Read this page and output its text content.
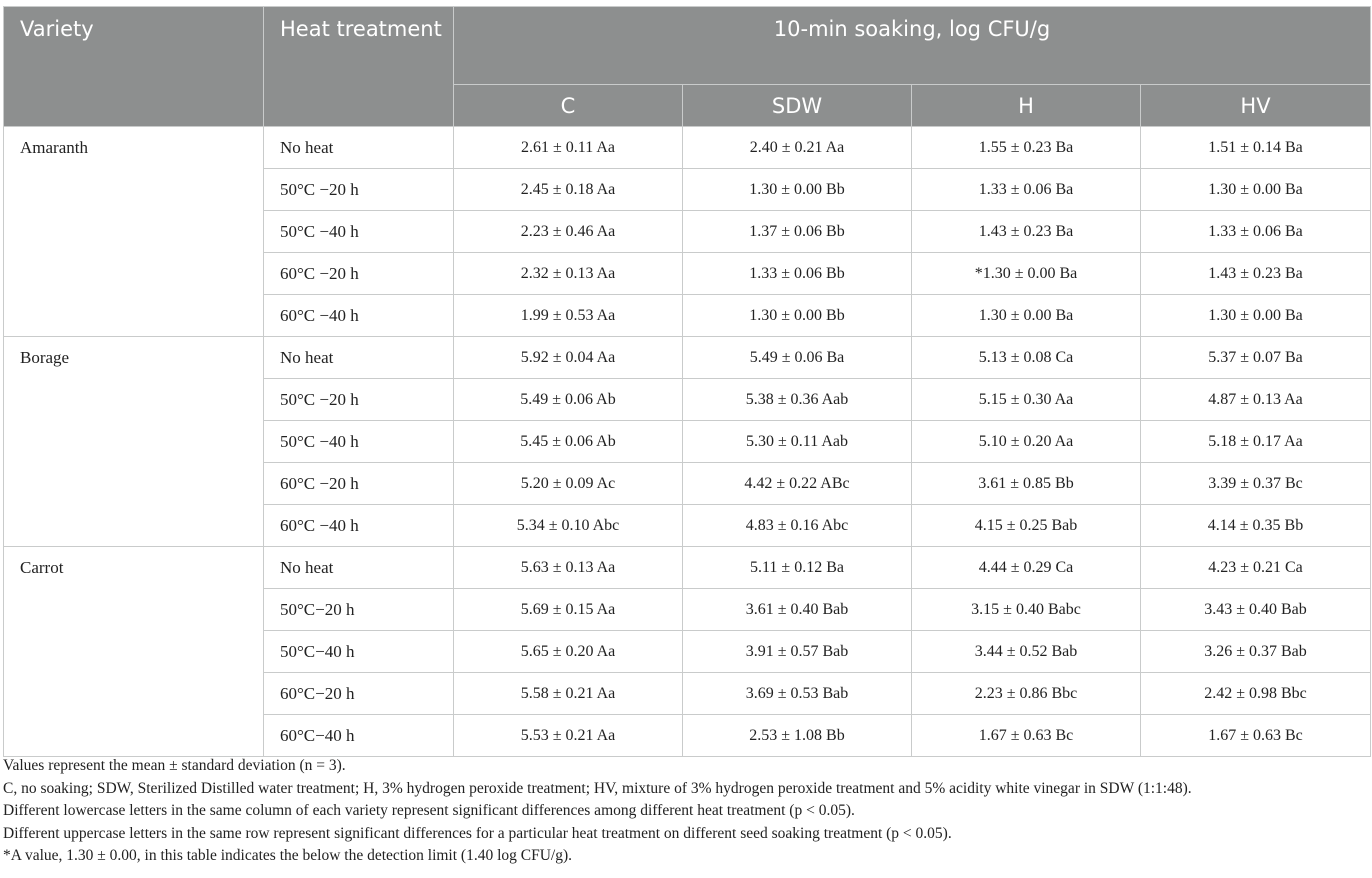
Variety	Heat treatment	10-min soaking, log CFU/g			
		C	SDW	H	HV
Amaranth	No heat	2.61 ± 0.11 Aa	2.40 ± 0.21 Aa	1.55 ± 0.23 Ba	1.51 ± 0.14 Ba
	50°C −20 h	2.45 ± 0.18 Aa	1.30 ± 0.00 Bb	1.33 ± 0.06 Ba	1.30 ± 0.00 Ba
	50°C −40 h	2.23 ± 0.46 Aa	1.37 ± 0.06 Bb	1.43 ± 0.23 Ba	1.33 ± 0.06 Ba
	60°C −20 h	2.32 ± 0.13 Aa	1.33 ± 0.06 Bb	*1.30 ± 0.00 Ba	1.43 ± 0.23 Ba
	60°C −40 h	1.99 ± 0.53 Aa	1.30 ± 0.00 Bb	1.30 ± 0.00 Ba	1.30 ± 0.00 Ba
Borage	No heat	5.92 ± 0.04 Aa	5.49 ± 0.06 Ba	5.13 ± 0.08 Ca	5.37 ± 0.07 Ba
	50°C −20 h	5.49 ± 0.06 Ab	5.38 ± 0.36 Aab	5.15 ± 0.30 Aa	4.87 ± 0.13 Aa
	50°C −40 h	5.45 ± 0.06 Ab	5.30 ± 0.11 Aab	5.10 ± 0.20 Aa	5.18 ± 0.17 Aa
	60°C −20 h	5.20 ± 0.09 Ac	4.42 ± 0.22 ABc	3.61 ± 0.85 Bb	3.39 ± 0.37 Bc
	60°C −40 h	5.34 ± 0.10 Abc	4.83 ± 0.16 Abc	4.15 ± 0.25 Bab	4.14 ± 0.35 Bb
Carrot	No heat	5.63 ± 0.13 Aa	5.11 ± 0.12 Ba	4.44 ± 0.29 Ca	4.23 ± 0.21 Ca
	50°C−20 h	5.69 ± 0.15 Aa	3.61 ± 0.40 Bab	3.15 ± 0.40 Babc	3.43 ± 0.40 Bab
	50°C−40 h	5.65 ± 0.20 Aa	3.91 ± 0.57 Bab	3.44 ± 0.52 Bab	3.26 ± 0.37 Bab
	60°C−20 h	5.58 ± 0.21 Aa	3.69 ± 0.53 Bab	2.23 ± 0.86 Bbc	2.42 ± 0.98 Bbc
	60°C−40 h	5.53 ± 0.21 Aa	2.53 ± 1.08 Bb	1.67 ± 0.63 Bc	1.67 ± 0.63 Bc

Values represent the mean ± standard deviation (n = 3).

C, no soaking; SDW, Sterilized Distilled water treatment; H, 3% hydrogen peroxide treatment; HV, mixture of 3% hydrogen peroxide treatment and 5% acidity white vinegar in SDW (1:1:48).

Different lowercase letters in the same column of each variety represent significant differences among different heat treatment (p < 0.05).

Different uppercase letters in the same row represent significant differences for a particular heat treatment on different seed soaking treatment (p < 0.05).

*A value, 1.30 ± 0.00, in this table indicates the below the detection limit (1.40 log CFU/g).
